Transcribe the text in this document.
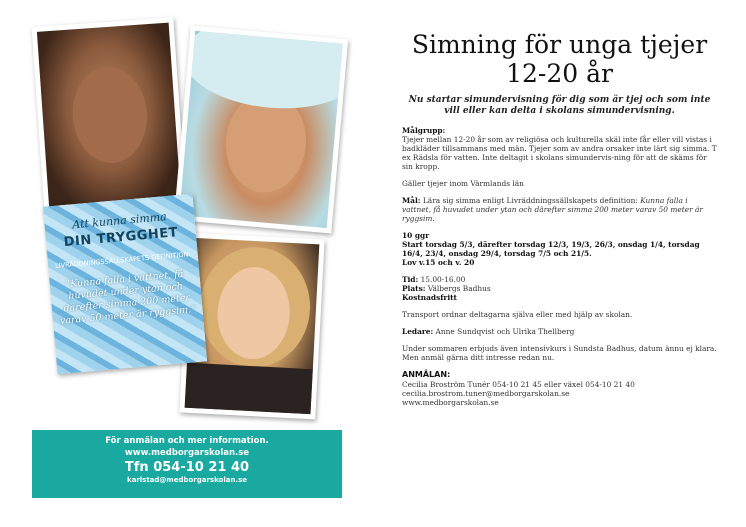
Att kunna simma
DIN TRYGGHET
LIVRÄDDNINGSSÄLLSKAPETS DEFINITION:
"Kunna falla i vattnet, få huvudet under ytan och därefter simma 200 meter varav 50 meter är ryggsim."
För anmälan och mer information.
www.medborgarskolan.se
Tfn 054-10 21 40
karlstad@medborgarskolan.se
Simning för unga tjejer 12-20 år
Nu startar simundervisning för dig som är tjej och som inte vill eller kan delta i skolans simundervisning.
Målgrupp:
Tjejer mellan 12-20 år som av religiösa och kulturella skäl inte får eller vill vistas i badkläder tillsammans med män. Tjejer som av andra orsaker inte lärt sig simma. T ex Rädsla för vatten. Inte deltagit i skolans simundervis-ning för att de skäms för sin kropp.
Gäller tjejer inom Värmlands län
Mål: Lära sig simma enligt Livräddningssällskapets definition: Kunna falla i vattnet, få huvudet under ytan och därefter simma 200 meter varav 50 meter är ryggsim.
10 ggr
Start torsdag 5/3, därefter torsdag 12/3, 19/3, 26/3, onsdag 1/4, torsdag 16/4, 23/4, onsdag 29/4, torsdag 7/5 och 21/5.
Lov v.15 och v. 20
Tid: 15.00-16.00
Plats: Välbergs Badhus
Kostnadsfritt
Transport ordnar deltagarna själva eller med hjälp av skolan.
Ledare: Anne Sundqvist och Ulrika Thellberg
Under sommaren erbjuds även intensivkurs i Sundsta Badhus, datum ännu ej klara. Men anmäl gärna ditt intresse redan nu.
ANMÄLAN:
Cecilia Broström Tunér 054-10 21 45 eller växel 054-10 21 40
cecilia.brostrom.tuner@medborgarskolan.se
www.medborgarskolan.se
